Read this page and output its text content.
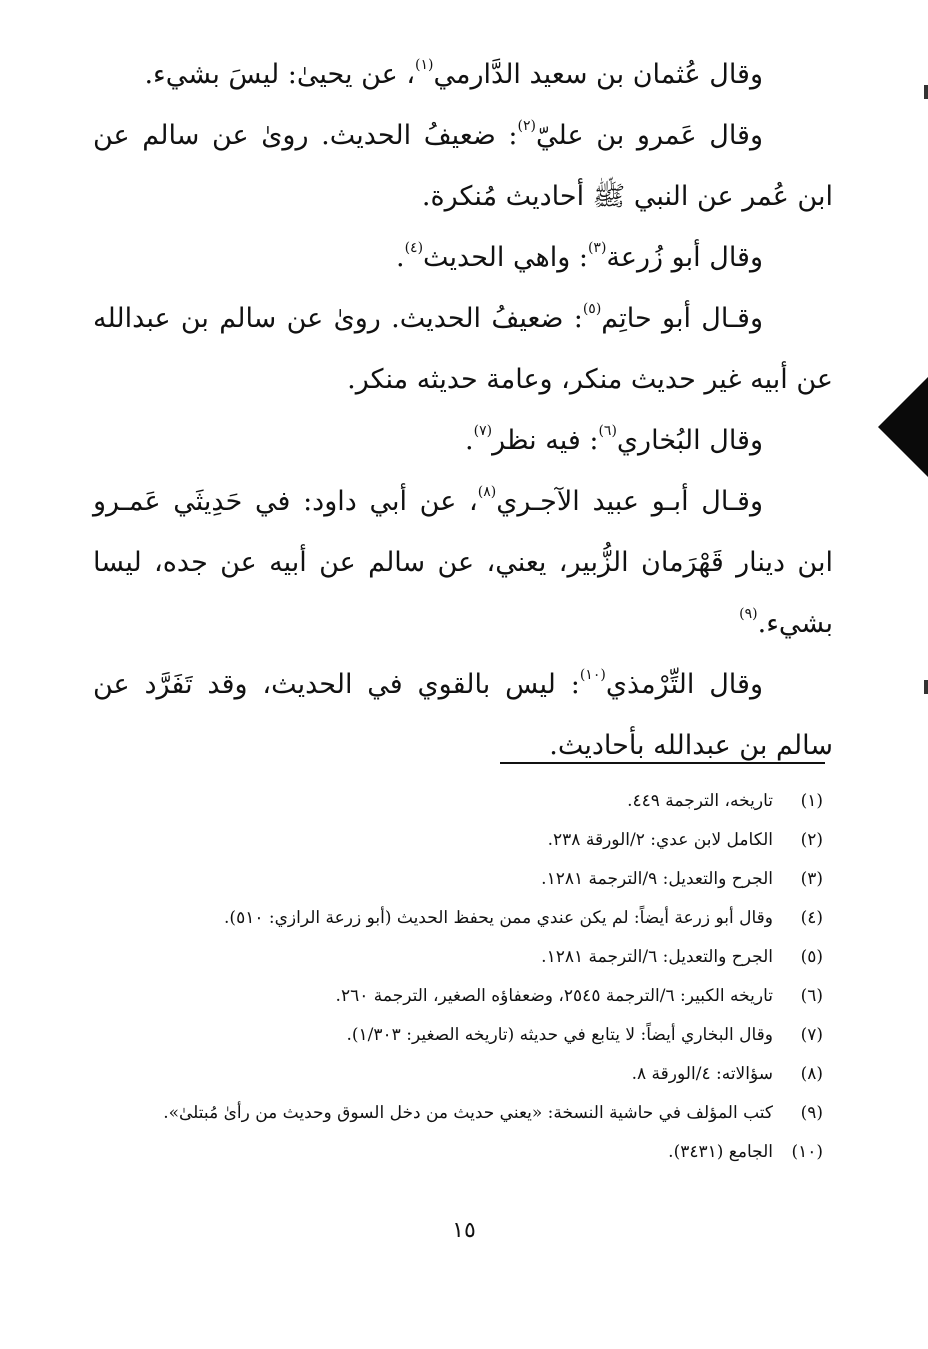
وقال عُثمان بن سعيد الدَّارمي$^{(١)}$، عن يحيىٰ: ليسَ بشيء.

وقال عَمرو بن عليّ$^{(٢)}$: ضعيفُ الحديث. روىٰ عن سالم عن ابن عُمر عن النبي ﷺ أحاديث مُنكرة.

وقال أبو زُرعة$^{(٣)}$: واهي الحديث$^{(٤)}$.

وقـال أبو حاتِم$^{(٥)}$: ضعيفُ الحديث. روىٰ عن سالم بن عبدالله عن أبيه غير حديث منكر، وعامة حديثه منكر.

وقال البُخاري$^{(٦)}$: فيه نظر$^{(٧)}$.

وقـال أبـو عبيد الآجـري$^{(٨)}$، عن أبي داود: في حَدِيثَي عَمـرو ابن دينار قَهْرَمان الزُّبير، يعني، عن سالم عن أبيه عن جده، ليسا بشيء.$^{(٩)}$

وقال التِّرْمذي$^{(١٠)}$: ليس بالقوي في الحديث، وقد تَفَرَّد عن سالم بن عبدالله بأحاديث.

(١)
تاريخه، الترجمة ٤٤٩.
(٢)
الكامل لابن عدي: ٢/الورقة ٢٣٨.
(٣)
الجرح والتعديل: ٩/الترجمة ١٢٨١.
(٤)
وقال أبو زرعة أيضاً: لم يكن عندي ممن يحفظ الحديث (أبو زرعة الرازي: ٥١٠).
(٥)
الجرح والتعديل: ٦/الترجمة ١٢٨١.
(٦)
تاريخه الكبير: ٦/الترجمة ٢٥٤٥، وضعفاؤه الصغير، الترجمة ٢٦٠.
(٧)
وقال البخاري أيضاً: لا يتابع في حديثه (تاريخه الصغير: ١/٣٠٣).
(٨)
سؤالاته: ٤/الورقة ٨.
(٩)
كتب المؤلف في حاشية النسخة: «يعني حديث من دخل السوق وحديث من رأىٰ مُبتلىٰ».
(١٠)
الجامع (٣٤٣١).
١٥
